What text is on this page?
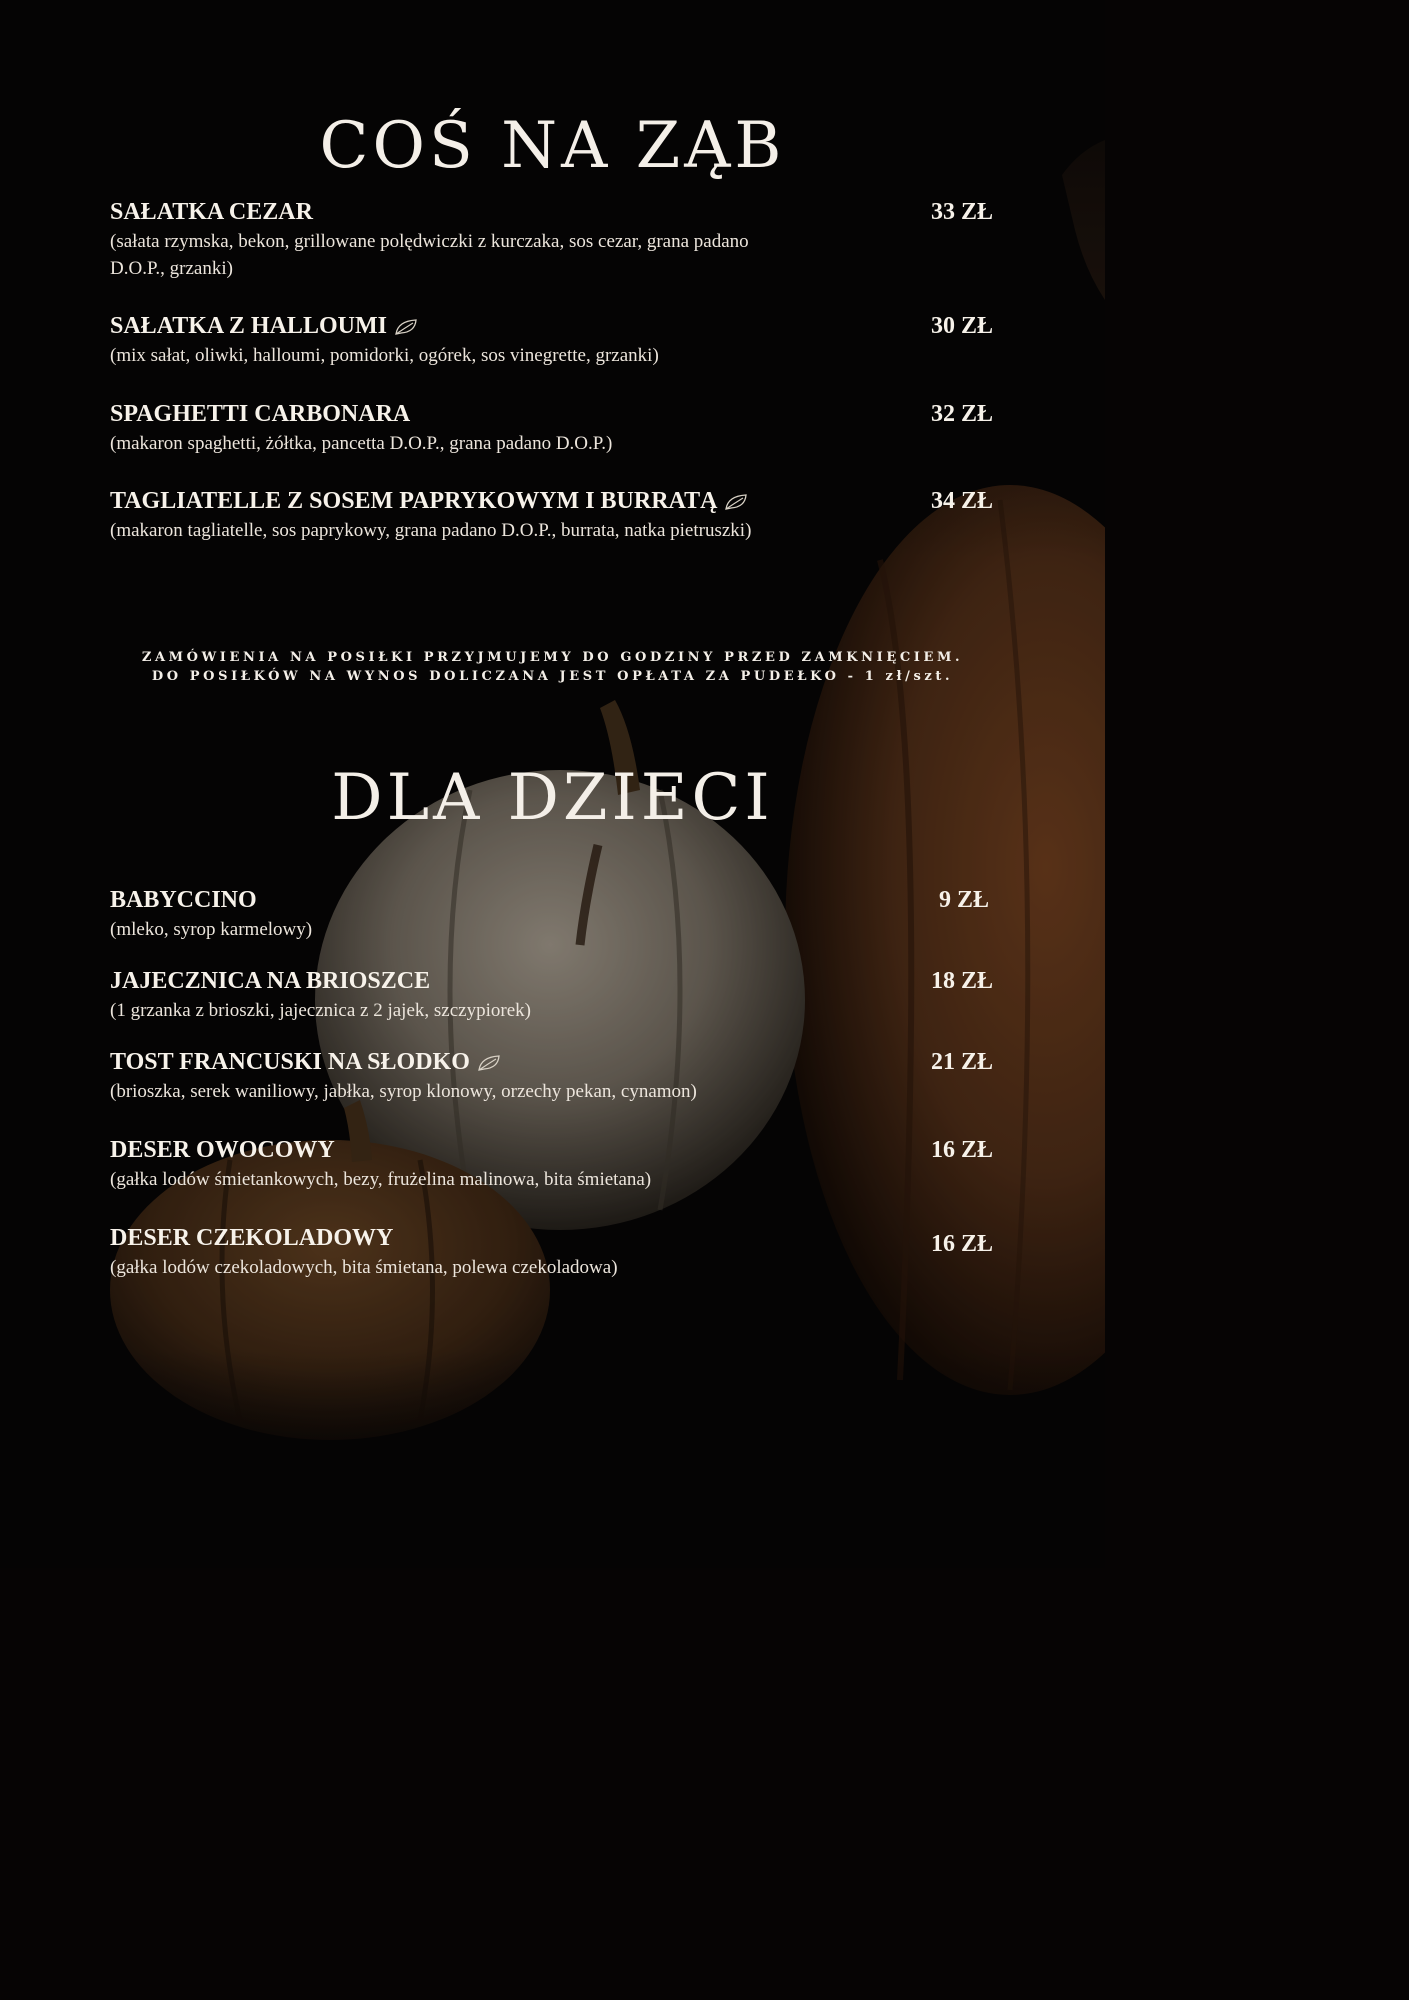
COŚ NA ZĄB
SAŁATKA CEZAR
(sałata rzymska, bekon, grillowane polędwiczki z kurczaka, sos cezar, grana padano D.O.P., grzanki)
33 ZŁ
SAŁATKA Z HALLOUMI
(mix sałat, oliwki, halloumi, pomidorki, ogórek, sos vinegrette, grzanki)
30 ZŁ
SPAGHETTI CARBONARA
(makaron spaghetti, żółtka, pancetta D.O.P., grana padano D.O.P.)
32 ZŁ
TAGLIATELLE Z SOSEM PAPRYKOWYM I BURRATĄ
(makaron tagliatelle, sos paprykowy, grana padano D.O.P., burrata, natka pietruszki)
34 ZŁ
ZAMÓWIENIA NA POSIŁKI PRZYJMUJEMY DO GODZINY PRZED ZAMKNIĘCIEM.
DO POSIŁKÓW NA WYNOS DOLICZANA JEST OPŁATA ZA PUDEŁKO - 1 zł/szt.
DLA DZIECI
BABYCCINO
(mleko, syrop karmelowy)
9 ZŁ
JAJECZNICA NA BRIOSZCE
(1 grzanka z brioszki, jajecznica z 2 jajek, szczypiorek)
18 ZŁ
TOST FRANCUSKI NA SŁODKO
(brioszka, serek waniliowy, jabłka, syrop klonowy, orzechy pekan, cynamon)
21 ZŁ
DESER OWOCOWY
(gałka lodów śmietankowych, bezy, frużelina malinowa, bita śmietana)
16 ZŁ
DESER CZEKOLADOWY
(gałka lodów czekoladowych, bita śmietana, polewa czekoladowa)
16 ZŁ
